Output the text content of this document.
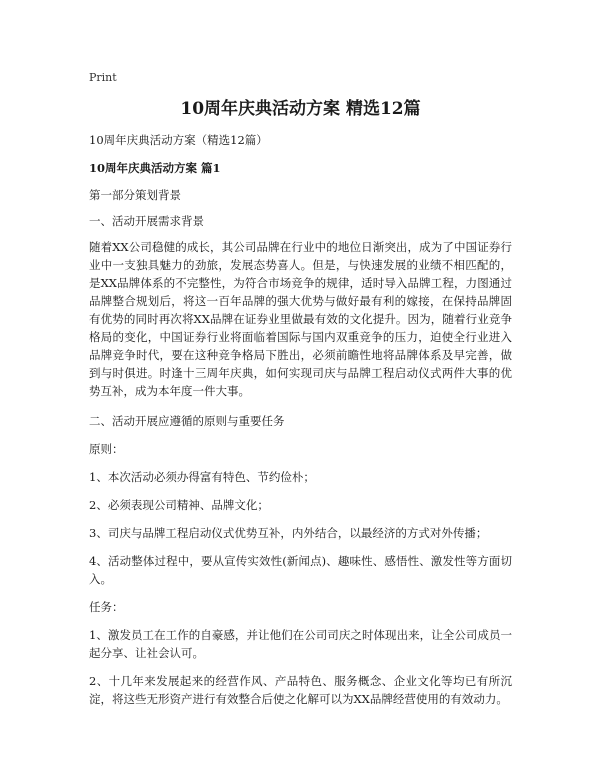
Print
10周年庆典活动方案 精选12篇

10周年庆典活动方案（精选12篇）

10周年庆典活动方案 篇1

第一部分策划背景

一、活动开展需求背景

随着XX公司稳健的成长，其公司品牌在行业中的地位日渐突出，成为了中国证券行业中一支独具魅力的劲旅，发展态势喜人。但是，与快速发展的业绩不相匹配的，是XX品牌体系的不完整性，为符合市场竞争的规律，适时导入品牌工程，力图通过品牌整合规划后，将这一百年品牌的强大优势与做好最有利的嫁接，在保持品牌固有优势的同时再次将XX品牌在证券业里做最有效的文化提升。因为，随着行业竞争格局的变化，中国证券行业将面临着国际与国内双重竞争的压力，迫使全行业进入品牌竞争时代，要在这种竞争格局下胜出，必须前瞻性地将品牌体系及早完善，做到与时俱进。时逢十三周年庆典，如何实现司庆与品牌工程启动仪式两件大事的优势互补，成为本年度一件大事。

二、活动开展应遵循的原则与重要任务

原则：

1、本次活动必须办得富有特色、节约俭朴；

2、必须表现公司精神、品牌文化；

3、司庆与品牌工程启动仪式优势互补，内外结合，以最经济的方式对外传播；

4、活动整体过程中，要从宣传实效性(新闻点)、趣味性、感悟性、激发性等方面切入。

任务：

1、激发员工在工作的自豪感，并让他们在公司司庆之时体现出来，让全公司成员一起分享、让社会认可。

2、十几年来发展起来的经营作风、产品特色、服务概念、企业文化等均已有所沉淀，将这些无形资产进行有效整合后使之化解可以为XX品牌经营使用的有效动力。
